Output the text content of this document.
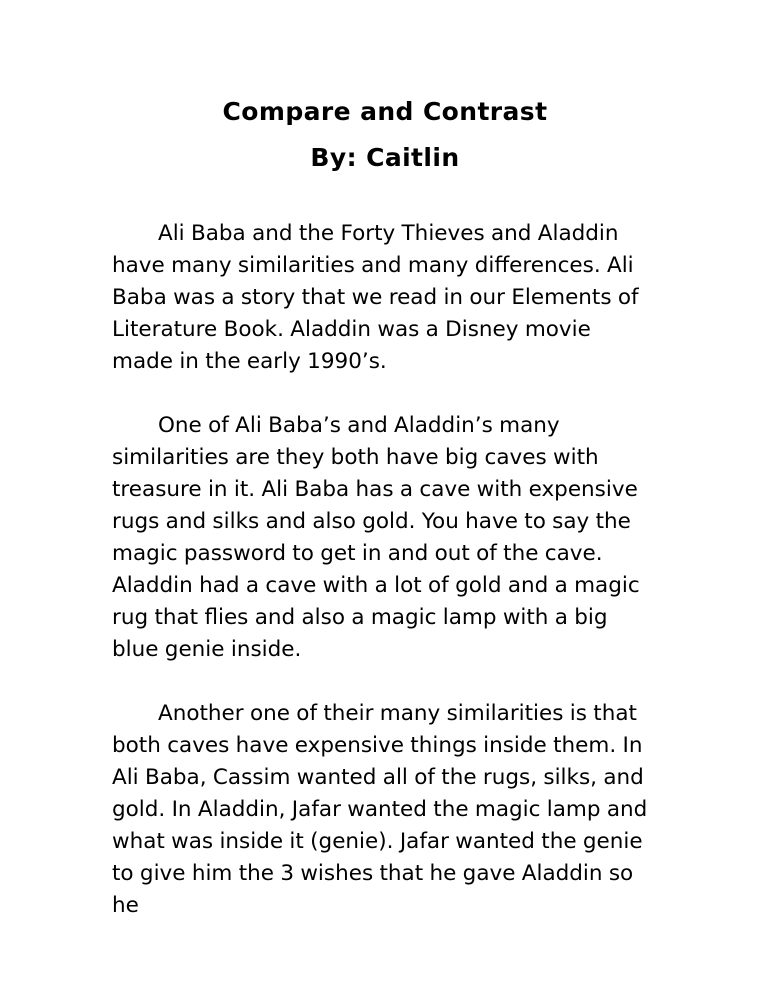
Compare and Contrast
By: Caitlin

Ali Baba and the Forty Thieves and Aladdin have many similarities and many differences. Ali Baba was a story that we read in our Elements of Literature Book. Aladdin was a Disney movie made in the early 1990’s.

One of Ali Baba’s and Aladdin’s many similarities are they both have big caves with treasure in it. Ali Baba has a cave with expensive rugs and silks and also gold. You have to say the magic password to get in and out of the cave. Aladdin had a cave with a lot of gold and a magic rug that flies and also a magic lamp with a big blue genie inside.

Another one of their many similarities is that both caves have expensive things inside them. In Ali Baba, Cassim wanted all of the rugs, silks, and gold. In Aladdin, Jafar wanted the magic lamp and what was inside it (genie). Jafar wanted the genie to give him the 3 wishes that he gave Aladdin so he
